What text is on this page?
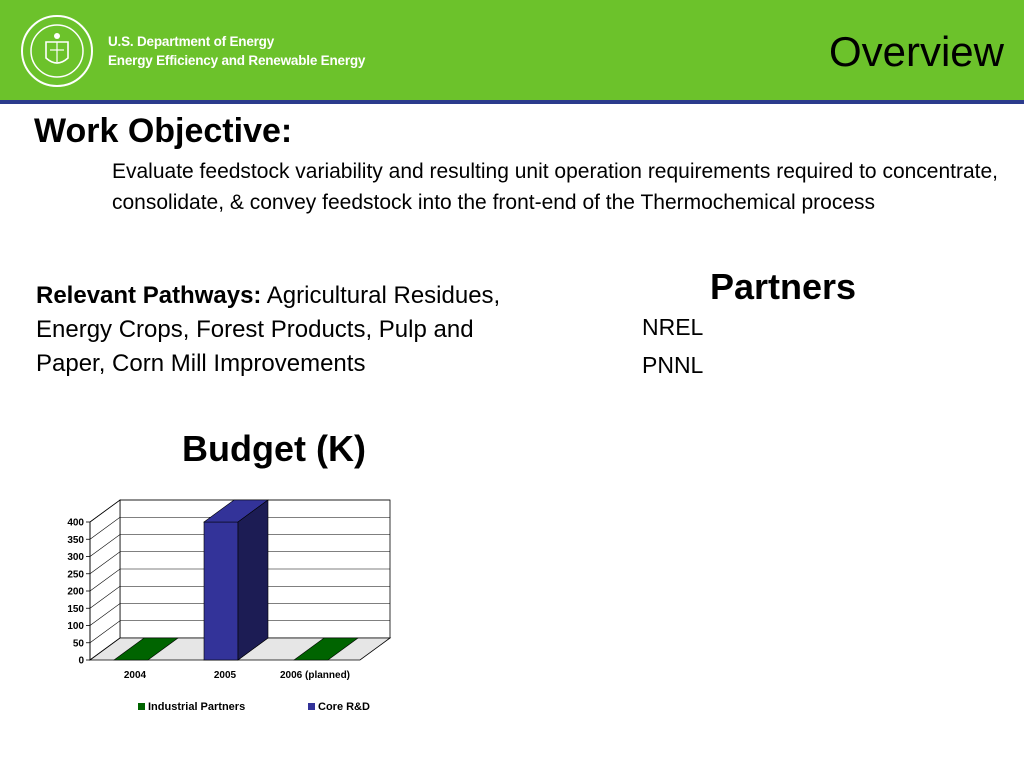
U.S. Department of Energy
Energy Efficiency and Renewable Energy	Overview
Work Objective:
Evaluate feedstock variability and resulting unit operation requirements required to concentrate, consolidate, & convey feedstock into the front-end of the Thermochemical process
Relevant Pathways: Agricultural Residues, Energy Crops, Forest Products, Pulp and Paper, Corn Mill Improvements
Partners
NREL
PNNL
Budget (K)
0
50
100
150
200
250
300
350
400
2004	2005	2006 (planned)
Industrial Partners	Core R&D
